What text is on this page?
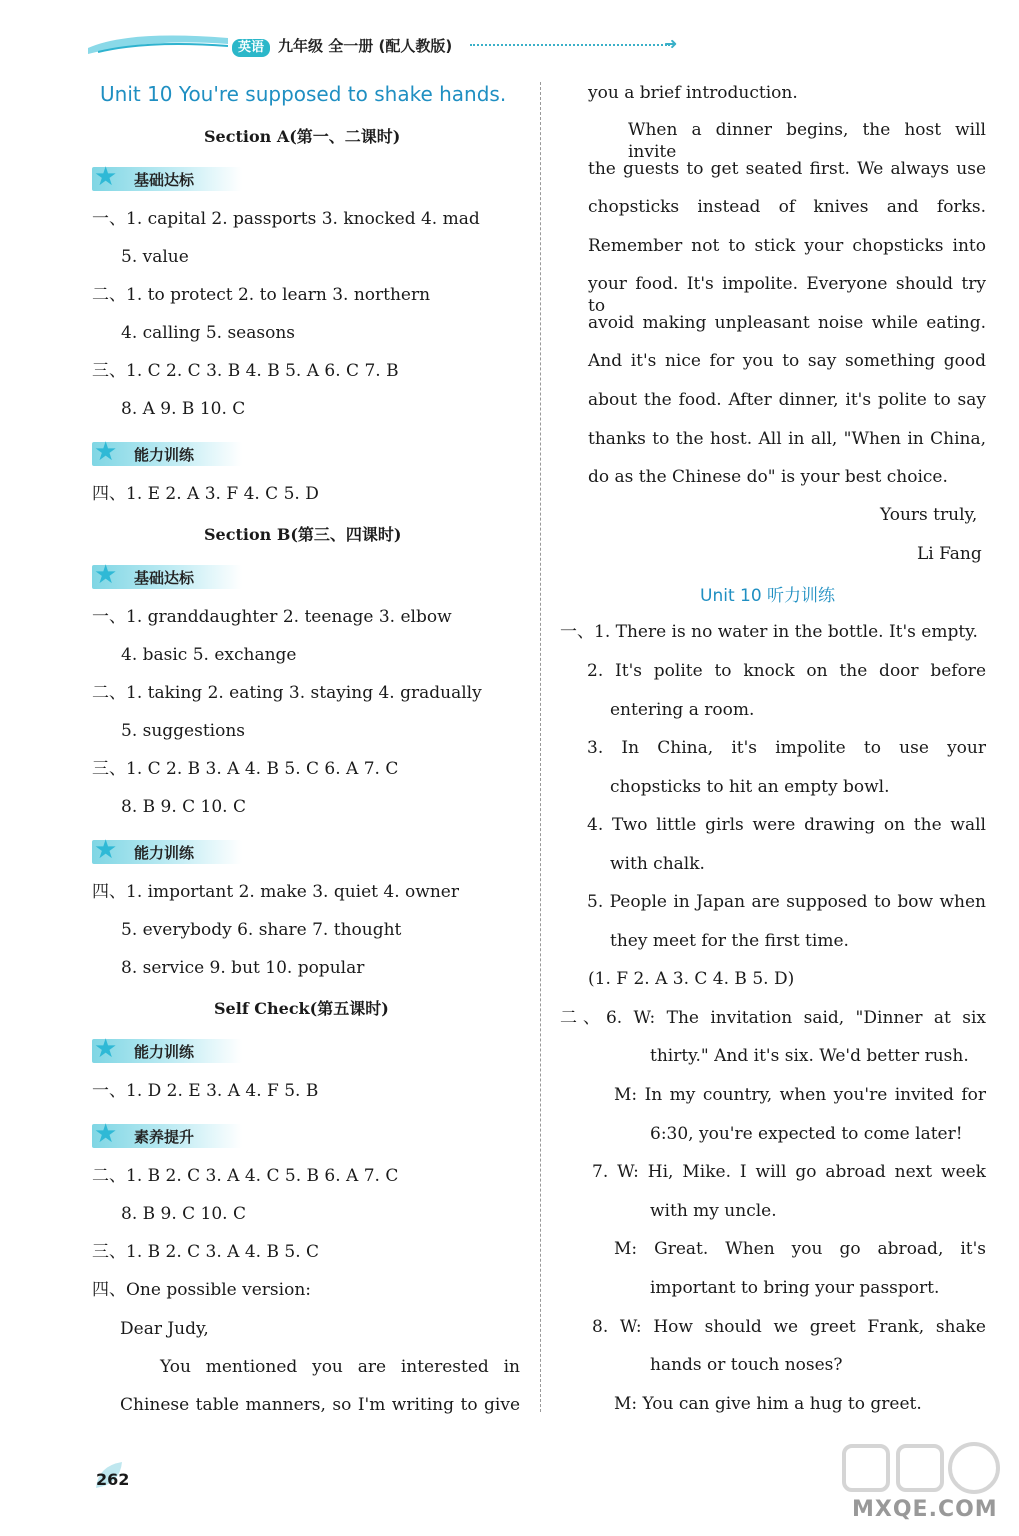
英语 九年级 全一册 (配人教版)	➜
Unit 10 You're supposed to shake hands.
Section A(第一、二课时)
★ 基础达标
一、1. capital 2. passports 3. knocked 4. mad
5. value
二、1. to protect 2. to learn 3. northern
4. calling 5. seasons
三、1. C 2. C 3. B 4. B 5. A 6. C 7. B
8. A 9. B 10. C
★ 能力训练
四、1. E 2. A 3. F 4. C 5. D
Section B(第三、四课时)
★ 基础达标
一、1. granddaughter 2. teenage 3. elbow
4. basic 5. exchange
二、1. taking 2. eating 3. staying 4. gradually
5. suggestions
三、1. C 2. B 3. A 4. B 5. C 6. A 7. C
8. B 9. C 10. C
★ 能力训练
四、1. important 2. make 3. quiet 4. owner
5. everybody 6. share 7. thought
8. service 9. but 10. popular
Self Check(第五课时)
★ 能力训练
一、1. D 2. E 3. A 4. F 5. B
★ 素养提升
二、1. B 2. C 3. A 4. C 5. B 6. A 7. C
8. B 9. C 10. C
三、1. B 2. C 3. A 4. B 5. C
四、One possible version:
Dear Judy,
You mentioned you are interested in
Chinese table manners, so I'm writing to give
you a brief introduction.
When a dinner begins, the host will invite
the guests to get seated first. We always use
chopsticks instead of knives and forks.
Remember not to stick your chopsticks into
your food. It's impolite. Everyone should try to
avoid making unpleasant noise while eating.
And it's nice for you to say something good
about the food. After dinner, it's polite to say
thanks to the host. All in all, "When in China,
do as the Chinese do" is your best choice.
Yours truly,
Li Fang
Unit 10 听力训练
一、1. There is no water in the bottle. It's empty.
2. It's polite to knock on the door before
entering a room.
3. In China, it's impolite to use your
chopsticks to hit an empty bowl.
4. Two little girls were drawing on the wall
with chalk.
5. People in Japan are supposed to bow when
they meet for the first time.
(1. F 2. A 3. C 4. B 5. D)
二、6. W: The invitation said, "Dinner at six
thirty." And it's six. We'd better rush.
M: In my country, when you're invited for
6:30, you're expected to come later!
7. W: Hi, Mike. I will go abroad next week
with my uncle.
M: Great. When you go abroad, it's
important to bring your passport.
8. W: How should we greet Frank, shake
hands or touch noses?
M: You can give him a hug to greet.
262
MXQE.COM
